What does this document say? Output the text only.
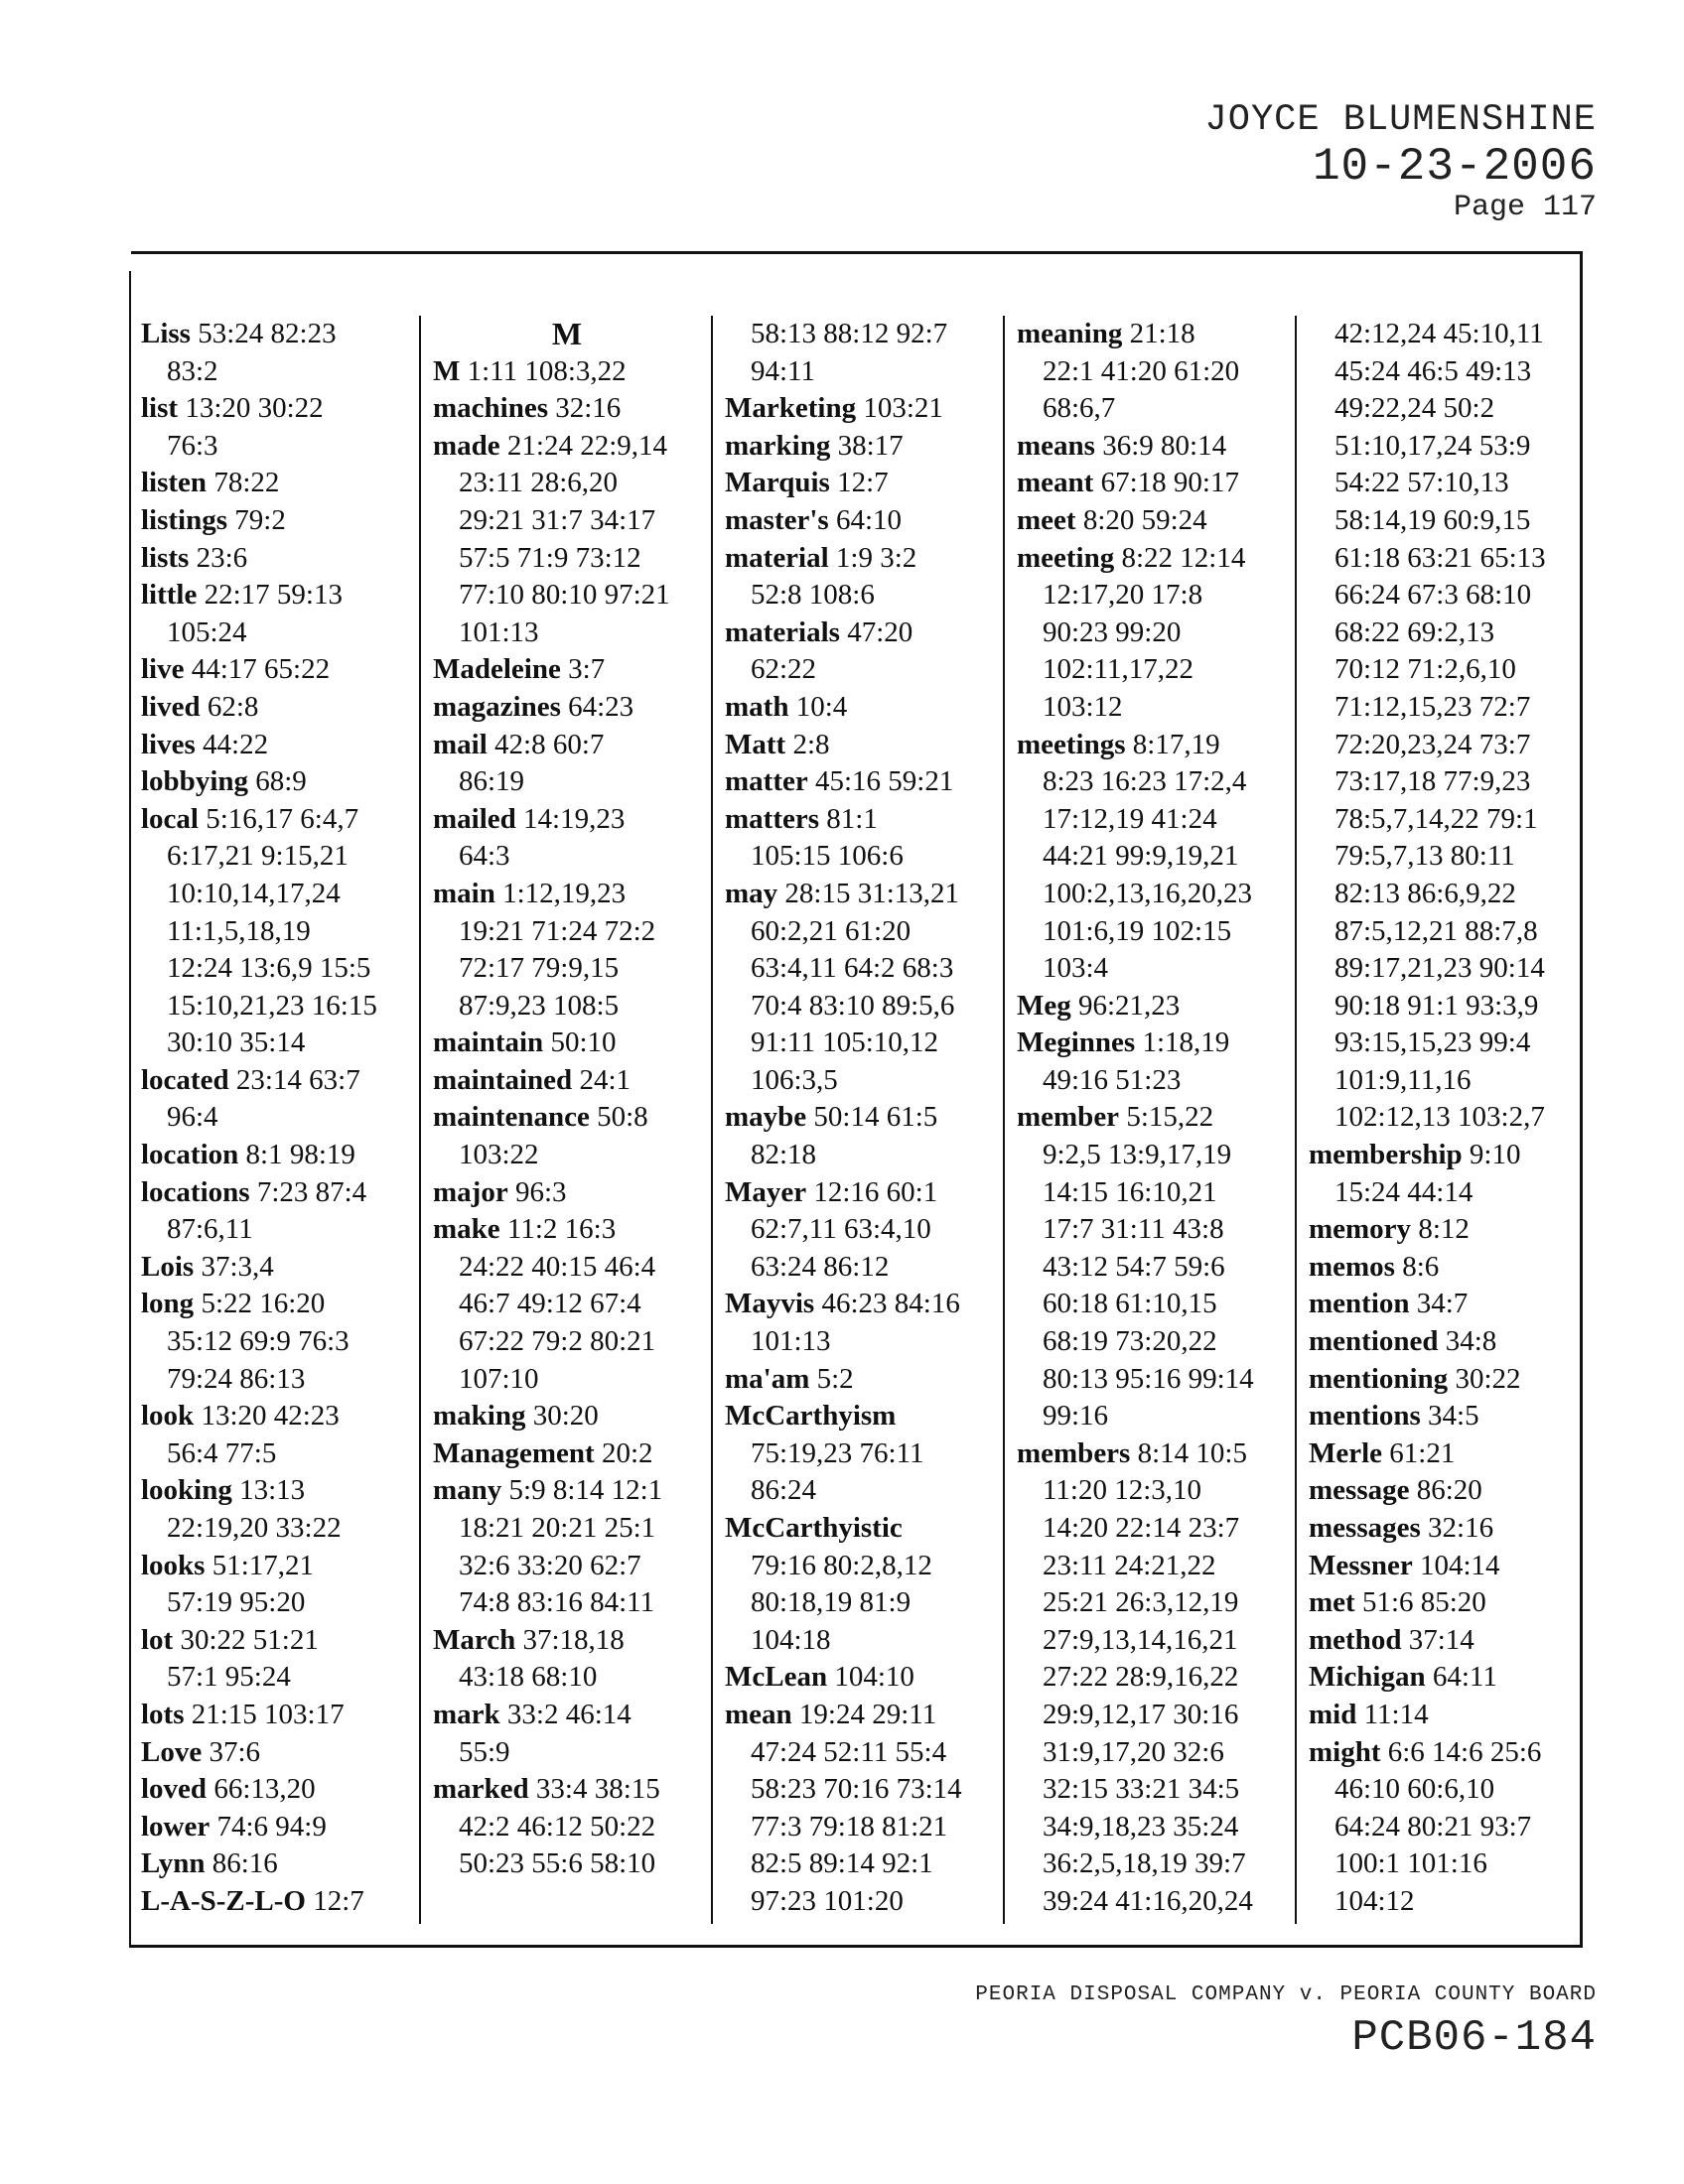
JOYCE BLUMENSHINE
10-23-2006
Page 117

Liss 53:24 82:23

83:2

list 13:20 30:22

76:3

listen 78:22

listings 79:2

lists 23:6

little 22:17 59:13

105:24

live 44:17 65:22

lived 62:8

lives 44:22

lobbying 68:9

local 5:16,17 6:4,7

6:17,21 9:15,21

10:10,14,17,24

11:1,5,18,19

12:24 13:6,9 15:5

15:10,21,23 16:15

30:10 35:14

located 23:14 63:7

96:4

location 8:1 98:19

locations 7:23 87:4

87:6,11

Lois 37:3,4

long 5:22 16:20

35:12 69:9 76:3

79:24 86:13

look 13:20 42:23

56:4 77:5

looking 13:13

22:19,20 33:22

looks 51:17,21

57:19 95:20

lot 30:22 51:21

57:1 95:24

lots 21:15 103:17

Love 37:6

loved 66:13,20

lower 74:6 94:9

Lynn 86:16

L-A-S-Z-L-O 12:7

M

M 1:11 108:3,22

machines 32:16

made 21:24 22:9,14

23:11 28:6,20

29:21 31:7 34:17

57:5 71:9 73:12

77:10 80:10 97:21

101:13

Madeleine 3:7

magazines 64:23

mail 42:8 60:7

86:19

mailed 14:19,23

64:3

main 1:12,19,23

19:21 71:24 72:2

72:17 79:9,15

87:9,23 108:5

maintain 50:10

maintained 24:1

maintenance 50:8

103:22

major 96:3

make 11:2 16:3

24:22 40:15 46:4

46:7 49:12 67:4

67:22 79:2 80:21

107:10

making 30:20

Management 20:2

many 5:9 8:14 12:1

18:21 20:21 25:1

32:6 33:20 62:7

74:8 83:16 84:11

March 37:18,18

43:18 68:10

mark 33:2 46:14

55:9

marked 33:4 38:15

42:2 46:12 50:22

50:23 55:6 58:10

58:13 88:12 92:7

94:11

Marketing 103:21

marking 38:17

Marquis 12:7

master's 64:10

material 1:9 3:2

52:8 108:6

materials 47:20

62:22

math 10:4

Matt 2:8

matter 45:16 59:21

matters 81:1

105:15 106:6

may 28:15 31:13,21

60:2,21 61:20

63:4,11 64:2 68:3

70:4 83:10 89:5,6

91:11 105:10,12

106:3,5

maybe 50:14 61:5

82:18

Mayer 12:16 60:1

62:7,11 63:4,10

63:24 86:12

Mayvis 46:23 84:16

101:13

ma'am 5:2

McCarthyism

75:19,23 76:11

86:24

McCarthyistic

79:16 80:2,8,12

80:18,19 81:9

104:18

McLean 104:10

mean 19:24 29:11

47:24 52:11 55:4

58:23 70:16 73:14

77:3 79:18 81:21

82:5 89:14 92:1

97:23 101:20

meaning 21:18

22:1 41:20 61:20

68:6,7

means 36:9 80:14

meant 67:18 90:17

meet 8:20 59:24

meeting 8:22 12:14

12:17,20 17:8

90:23 99:20

102:11,17,22

103:12

meetings 8:17,19

8:23 16:23 17:2,4

17:12,19 41:24

44:21 99:9,19,21

100:2,13,16,20,23

101:6,19 102:15

103:4

Meg 96:21,23

Meginnes 1:18,19

49:16 51:23

member 5:15,22

9:2,5 13:9,17,19

14:15 16:10,21

17:7 31:11 43:8

43:12 54:7 59:6

60:18 61:10,15

68:19 73:20,22

80:13 95:16 99:14

99:16

members 8:14 10:5

11:20 12:3,10

14:20 22:14 23:7

23:11 24:21,22

25:21 26:3,12,19

27:9,13,14,16,21

27:22 28:9,16,22

29:9,12,17 30:16

31:9,17,20 32:6

32:15 33:21 34:5

34:9,18,23 35:24

36:2,5,18,19 39:7

39:24 41:16,20,24

42:12,24 45:10,11

45:24 46:5 49:13

49:22,24 50:2

51:10,17,24 53:9

54:22 57:10,13

58:14,19 60:9,15

61:18 63:21 65:13

66:24 67:3 68:10

68:22 69:2,13

70:12 71:2,6,10

71:12,15,23 72:7

72:20,23,24 73:7

73:17,18 77:9,23

78:5,7,14,22 79:1

79:5,7,13 80:11

82:13 86:6,9,22

87:5,12,21 88:7,8

89:17,21,23 90:14

90:18 91:1 93:3,9

93:15,15,23 99:4

101:9,11,16

102:12,13 103:2,7

membership 9:10

15:24 44:14

memory 8:12

memos 8:6

mention 34:7

mentioned 34:8

mentioning 30:22

mentions 34:5

Merle 61:21

message 86:20

messages 32:16

Messner 104:14

met 51:6 85:20

method 37:14

Michigan 64:11

mid 11:14

might 6:6 14:6 25:6

46:10 60:6,10

64:24 80:21 93:7

100:1 101:16

104:12

PEORIA DISPOSAL COMPANY v. PEORIA COUNTY BOARD
PCB06-184
